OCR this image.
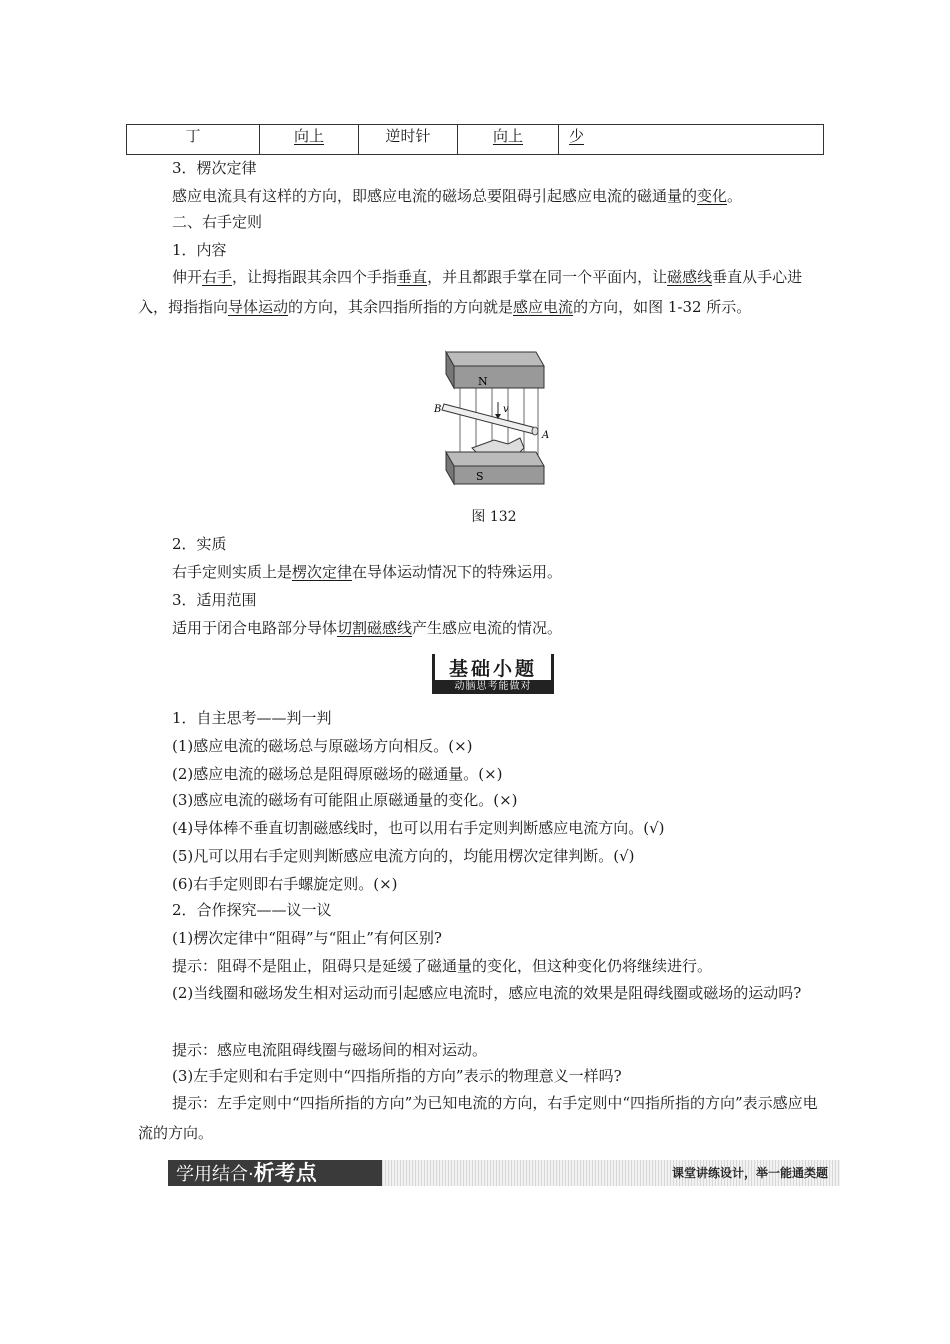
丁	向上	逆时针	向上	少
3．楞次定律
感应电流具有这样的方向，即感应电流的磁场总要阻碍引起感应电流的磁通量的变化。
二、右手定则
1．内容
伸开右手，让拇指跟其余四个手指垂直，并且都跟手掌在同一个平面内，让磁感线垂直从手心进入，拇指指向导体运动的方向，其余四指所指的方向就是感应电流的方向，如图 1-32 所示。
N
S
B
A
v
图 132
2．实质
右手定则实质上是楞次定律在导体运动情况下的特殊运用。
3．适用范围
适用于闭合电路部分导体切割磁感线产生感应电流的情况。
基础小题
动脑思考能做对
1．自主思考——判一判
(1)感应电流的磁场总与原磁场方向相反。(×)
(2)感应电流的磁场总是阻碍原磁场的磁通量。(×)
(3)感应电流的磁场有可能阻止原磁通量的变化。(×)
(4)导体棒不垂直切割磁感线时，也可以用右手定则判断感应电流方向。(√)
(5)凡可以用右手定则判断感应电流方向的，均能用楞次定律判断。(√)
(6)右手定则即右手螺旋定则。(×)
2．合作探究——议一议
(1)楞次定律中“阻碍”与“阻止”有何区别?
提示：阻碍不是阻止，阻碍只是延缓了磁通量的变化，但这种变化仍将继续进行。
(2)当线圈和磁场发生相对运动而引起感应电流时，感应电流的效果是阻碍线圈或磁场的运动吗?
提示：感应电流阻碍线圈与磁场间的相对运动。
(3)左手定则和右手定则中“四指所指的方向”表示的物理意义一样吗?
提示：左手定则中“四指所指的方向”为已知电流的方向，右手定则中“四指所指的方向”表示感应电流的方向。
学用结合·析考点	课堂讲练设计，举一能通类题
